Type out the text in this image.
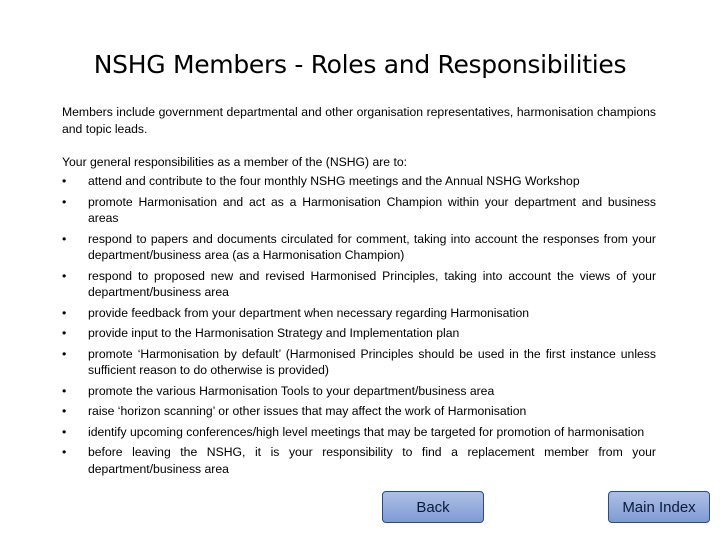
NSHG Members - Roles and Responsibilities
Members include government departmental and other organisation representatives, harmonisation champions and topic leads.
Your general responsibilities as a member of the (NSHG) are to:
•	attend and contribute to the four monthly NSHG meetings and the Annual NSHG Workshop
•	promote Harmonisation and act as a Harmonisation Champion within your department and business areas
•	respond to papers and documents circulated for comment, taking into account the responses from your department/business area (as a Harmonisation Champion)
•	respond to proposed new and revised Harmonised Principles, taking into account the views of your department/business area
•	provide feedback from your department when necessary regarding Harmonisation
•	provide input to the Harmonisation Strategy and Implementation plan
•	promote ‘Harmonisation by default’ (Harmonised Principles should be used in the first instance unless sufficient reason to do otherwise is provided)
•	promote the various Harmonisation Tools to your department/business area
•	raise ‘horizon scanning’ or other issues that may affect the work of Harmonisation
•	identify upcoming conferences/high level meetings that may be targeted for promotion of harmonisation
•	before leaving the NSHG, it is your responsibility to find a replacement member from your department/business area
Back	Main Index
